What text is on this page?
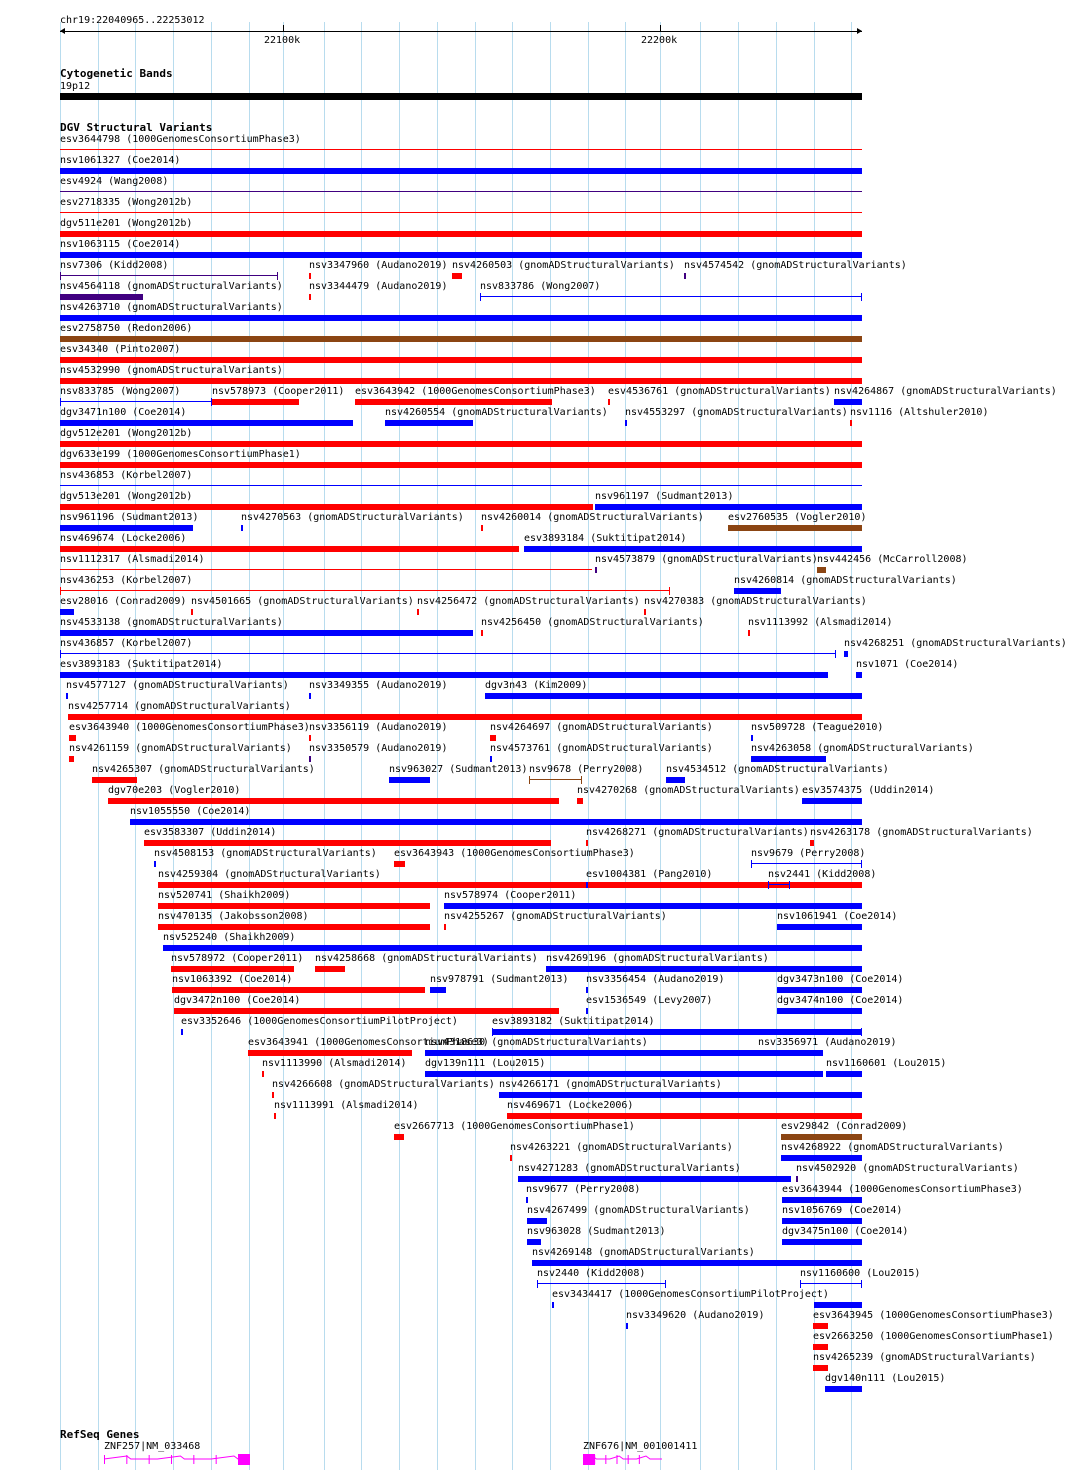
chr19:22040965..22253012
22100k	22200k
Cytogenetic Bands
19p12
DGV Structural Variants
esv3644798 (1000GenomesConsortiumPhase3)
nsv1061327 (Coe2014)
esv4924 (Wang2008)
esv2718335 (Wong2012b)
dgv511e201 (Wong2012b)
nsv1063115 (Coe2014)
nsv7306 (Kidd2008)	nsv3347960 (Audano2019) nsv4260503 (gnomADStructuralVariants) nsv4574542 (gnomADStructuralVariants)
nsv4564118 (gnomADStructuralVariants)	nsv3344479 (Audano2019)	nsv833786 (Wong2007)
nsv4263710 (gnomADStructuralVariants)
esv2758750 (Redon2006)
esv34340 (Pinto2007)
nsv4532990 (gnomADStructuralVariants)
nsv833785 (Wong2007)	nsv578973 (Cooper2011) esv3643942 (1000GenomesConsortiumPhase3) esv4536761 (gnomADStructuralVariants) nsv4264867 (gnomADStructuralVariants)
dgv3471n100 (Coe2014)	nsv4260554 (gnomADStructuralVariants) nsv4553297 (gnomADStructuralVariants) nsv1116 (Altshuler2010)
dgv512e201 (Wong2012b)
dgv633e199 (1000GenomesConsortiumPhase1)
nsv436853 (Korbel2007)
dgv513e201 (Wong2012b)	nsv961197 (Sudmant2013)
nsv961196 (Sudmant2013)	nsv4270563 (gnomADStructuralVariants) nsv4260014 (gnomADStructuralVariants) esv2760535 (Vogler2010)
nsv469674 (Locke2006)	esv3893184 (Suktitipat2014)
nsv1112317 (Alsmadi2014)	nsv4573879 (gnomADStructuralVariants) nsv442456 (McCarroll2008)
nsv436253 (Korbel2007)	nsv4260814 (gnomADStructuralVariants)
esv28016 (Conrad2009) nsv4501665 (gnomADStructuralVariants) nsv4256472 (gnomADStructuralVariants) nsv4270383 (gnomADStructuralVariants)
nsv4533138 (gnomADStructuralVariants)	nsv4256450 (gnomADStructuralVariants)	nsv1113992 (Alsmadi2014)
nsv436857 (Korbel2007)	nsv4268251 (gnomADStructuralVariants)
esv3893183 (Suktitipat2014)	nsv1071 (Coe2014)
nsv4577127 (gnomADStructuralVariants) nsv3349355 (Audano2019)	dgv3n43 (Kim2009)
nsv4257714 (gnomADStructuralVariants)
esv3643940 (1000GenomesConsortiumPhase3) nsv3356119 (Audano2019)	nsv4264697 (gnomADStructuralVariants)	nsv509728 (Teague2010)
nsv4261159 (gnomADStructuralVariants) nsv3350579 (Audano2019)	nsv4573761 (gnomADStructuralVariants)	nsv4263058 (gnomADStructuralVariants)
nsv4265307 (gnomADStructuralVariants)	nsv963027 (Sudmant2013) nsv9678 (Perry2008) nsv4534512 (gnomADStructuralVariants)
dgv70e203 (Vogler2010)	nsv4270268 (gnomADStructuralVariants) esv3574375 (Uddin2014)
nsv1055550 (Coe2014)
esv3583307 (Uddin2014)	nsv4268271 (gnomADStructuralVariants) nsv4263178 (gnomADStructuralVariants)
nsv4508153 (gnomADStructuralVariants) esv3643943 (1000GenomesConsortiumPhase3)	nsv9679 (Perry2008)
nsv4259304 (gnomADStructuralVariants)	esv1004381 (Pang2010)	nsv2441 (Kidd2008)
nsv520741 (Shaikh2009)	nsv578974 (Cooper2011)
nsv470135 (Jakobsson2008)	nsv4255267 (gnomADStructuralVariants)	nsv1061941 (Coe2014)
nsv525240 (Shaikh2009)
nsv578972 (Cooper2011) nsv4258668 (gnomADStructuralVariants) nsv4269196 (gnomADStructuralVariants)
nsv1063392 (Coe2014)	nsv978791 (Sudmant2013) nsv3356454 (Audano2019)	dgv3473n100 (Coe2014)
dgv3472n100 (Coe2014)	esv1536549 (Levy2007)	dgv3474n100 (Coe2014)
esv3352646 (1000GenomesConsortiumPilotProject)	esv3893182 (Suktitipat2014)
esv3643941 (1000GenomesConsortiumPhase3)
nsv4318630 (gnomADStructuralVariants)	nsv3356971 (Audano2019)
nsv1113990 (Alsmadi2014) dgv139n111 (Lou2015)	nsv1160601 (Lou2015)
nsv4266608 (gnomADStructuralVariants) nsv4266171 (gnomADStructuralVariants)
nsv1113991 (Alsmadi2014)	nsv469671 (Locke2006)
esv2667713 (1000GenomesConsortiumPhase1)	esv29842 (Conrad2009)
nsv4263221 (gnomADStructuralVariants)	nsv4268922 (gnomADStructuralVariants)
nsv4271283 (gnomADStructuralVariants)	nsv4502920 (gnomADStructuralVariants)
nsv9677 (Perry2008)	esv3643944 (1000GenomesConsortiumPhase3)
nsv4267499 (gnomADStructuralVariants)	nsv1056769 (Coe2014)
nsv963028 (Sudmant2013)	dgv3475n100 (Coe2014)
nsv4269148 (gnomADStructuralVariants)
nsv2440 (Kidd2008)	nsv1160600 (Lou2015)
esv3434417 (1000GenomesConsortiumPilotProject)
nsv3349620 (Audano2019)	esv3643945 (1000GenomesConsortiumPhase3)
esv2663250 (1000GenomesConsortiumPhase1)
nsv4265239 (gnomADStructuralVariants)
dgv140n111 (Lou2015)
RefSeq Genes
ZNF257|NM_033468	ZNF676|NM_001001411
